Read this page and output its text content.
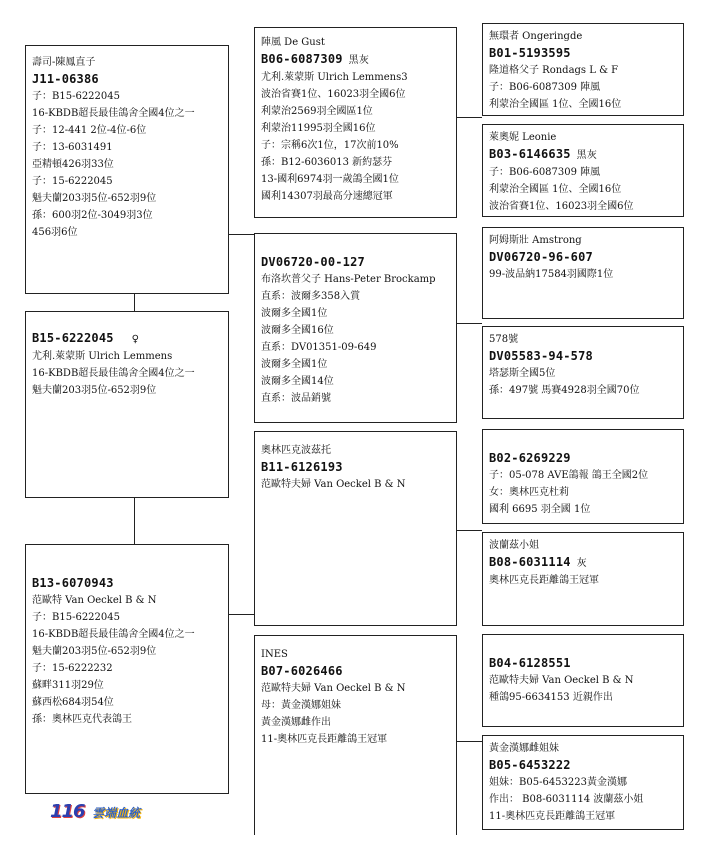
壽司-陳鳳直子
J11-06386
子：B15-6222045
16-KBDB超長最佳鴿舍全國4位之一
子：12-441 2位-4位-6位
子：13-6031491
亞精頓426羽33位
子：15-6222045
魁夫蘭203羽5位-652羽9位
孫：600羽2位-3049羽3位
456羽6位
B15-6222045 ♀
尤利.萊蒙斯 Ulrich Lemmens
16-KBDB超長最佳鴿舍全國4位之一
魁夫蘭203羽5位-652羽9位
B13-6070943
范歐特 Van Oeckel B & N
子：B15-6222045
16-KBDB超長最佳鴿舍全國4位之一
魁夫蘭203羽5位-652羽9位
子：15-6222232
蘇畔311羽29位
蘇西松684羽54位
孫：奧林匹克代表鴿王
陣風 De Gust
B06-6087309 黑灰
尤利.萊蒙斯 Ulrich Lemmens3
波治省賽1位、16023羽全國6位
利蒙治2569羽全國區1位
利蒙治11995羽全國16位
子：宗稱6次1位，17次前10%
孫：B12-6036013 新約瑟芬
13-國利6974羽一歲鴿全國1位
國利14307羽最高分速總冠軍
DV06720-00-127
布洛坎普父子 Hans-Peter Brockamp
直系：波爾多358入賞
波爾多全國1位
波爾多全國16位
直系：DV01351-09-649
波爾多全國1位
波爾多全國14位
直系：波品銷號
奧林匹克波茲托
B11-6126193
范歐特夫婦 Van Oeckel B & N
INES
B07-6026466
范歐特夫婦 Van Oeckel B & N
母：黃金漢娜姐妹
黃金漢娜雌作出
11-奧林匹克長距離鴿王冠軍
無環者 Ongeringde
B01-5193595
隆道格父子 Rondags L & F
子：B06-6087309 陣風
利蒙治全國區 1位、全國16位
萊奧妮 Leonie
B03-6146635 黑灰
子：B06-6087309 陣風
利蒙治全國區 1位、全國16位
波治省賽1位、16023羽全國6位
阿姆斯壯 Amstrong
DV06720-96-607
99-波品納17584羽國際1位
578號
DV05583-94-578
塔瑟斯全國5位
孫：497號 馬賽4928羽全國70位
B02-6269229
子：05-078 AVE鴿報 鴿王全國2位
女：奧林匹克杜莉
國利 6695 羽全國 1位
波蘭茲小姐
B08-6031114 灰
奧林匹克長距離鴿王冠軍
B04-6128551
范歐特夫婦 Van Oeckel B & N
種鴿95-6634153 近親作出
黃金漢娜雌姐妹
B05-6453222
姐妹：B05-6453223黃金漢娜
作出： B08-6031114 波蘭茲小姐
11-奧林匹克長距離鴿王冠軍
116 雲端血統
